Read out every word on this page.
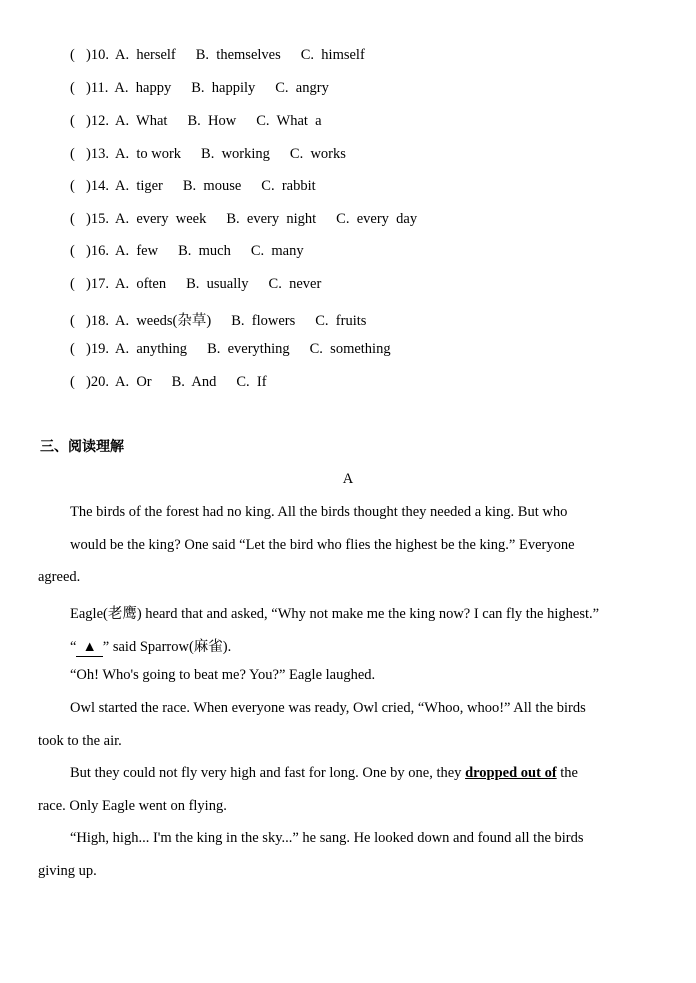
( )10. A.  herself B.  themselves C.  himself
( )11. A.  happy B.  happily C.  angry
( )12. A.  What B.  How C.  What  a
( )13. A.  to work B.  working C.  works
( )14. A.  tiger B.  mouse C.  rabbit
( )15. A.  every  week B.  every  night C.  every  day
( )16. A.  few B.  much C.  many
( )17. A.  often B.  usually C.  never
( )18. A.  weeds(杂草) B.  flowers C.  fruits
( )19. A.  anything B.  everything C.  something
( )20. A.  Or B.  And C.  If
三、阅读理解
A
The birds of the forest had no king. All the birds thought they needed a king. But who
would be the king? One said “Let the bird who flies the highest be the king.” Everyone
agreed.
Eagle(老鹰) heard that and asked, “Why not make me the king now? I can fly the highest.”
“ ▲ ” said Sparrow(麻雀).
“Oh! Who's going to beat me? You?” Eagle laughed.
Owl started the race. When everyone was ready, Owl cried, “Whoo, whoo!” All the birds
took to the air.
But they could not fly very high and fast for long. One by one, they dropped out of the
race. Only Eagle went on flying.
“High, high... I'm the king in the sky...” he sang. He looked down and found all the birds
giving up.
